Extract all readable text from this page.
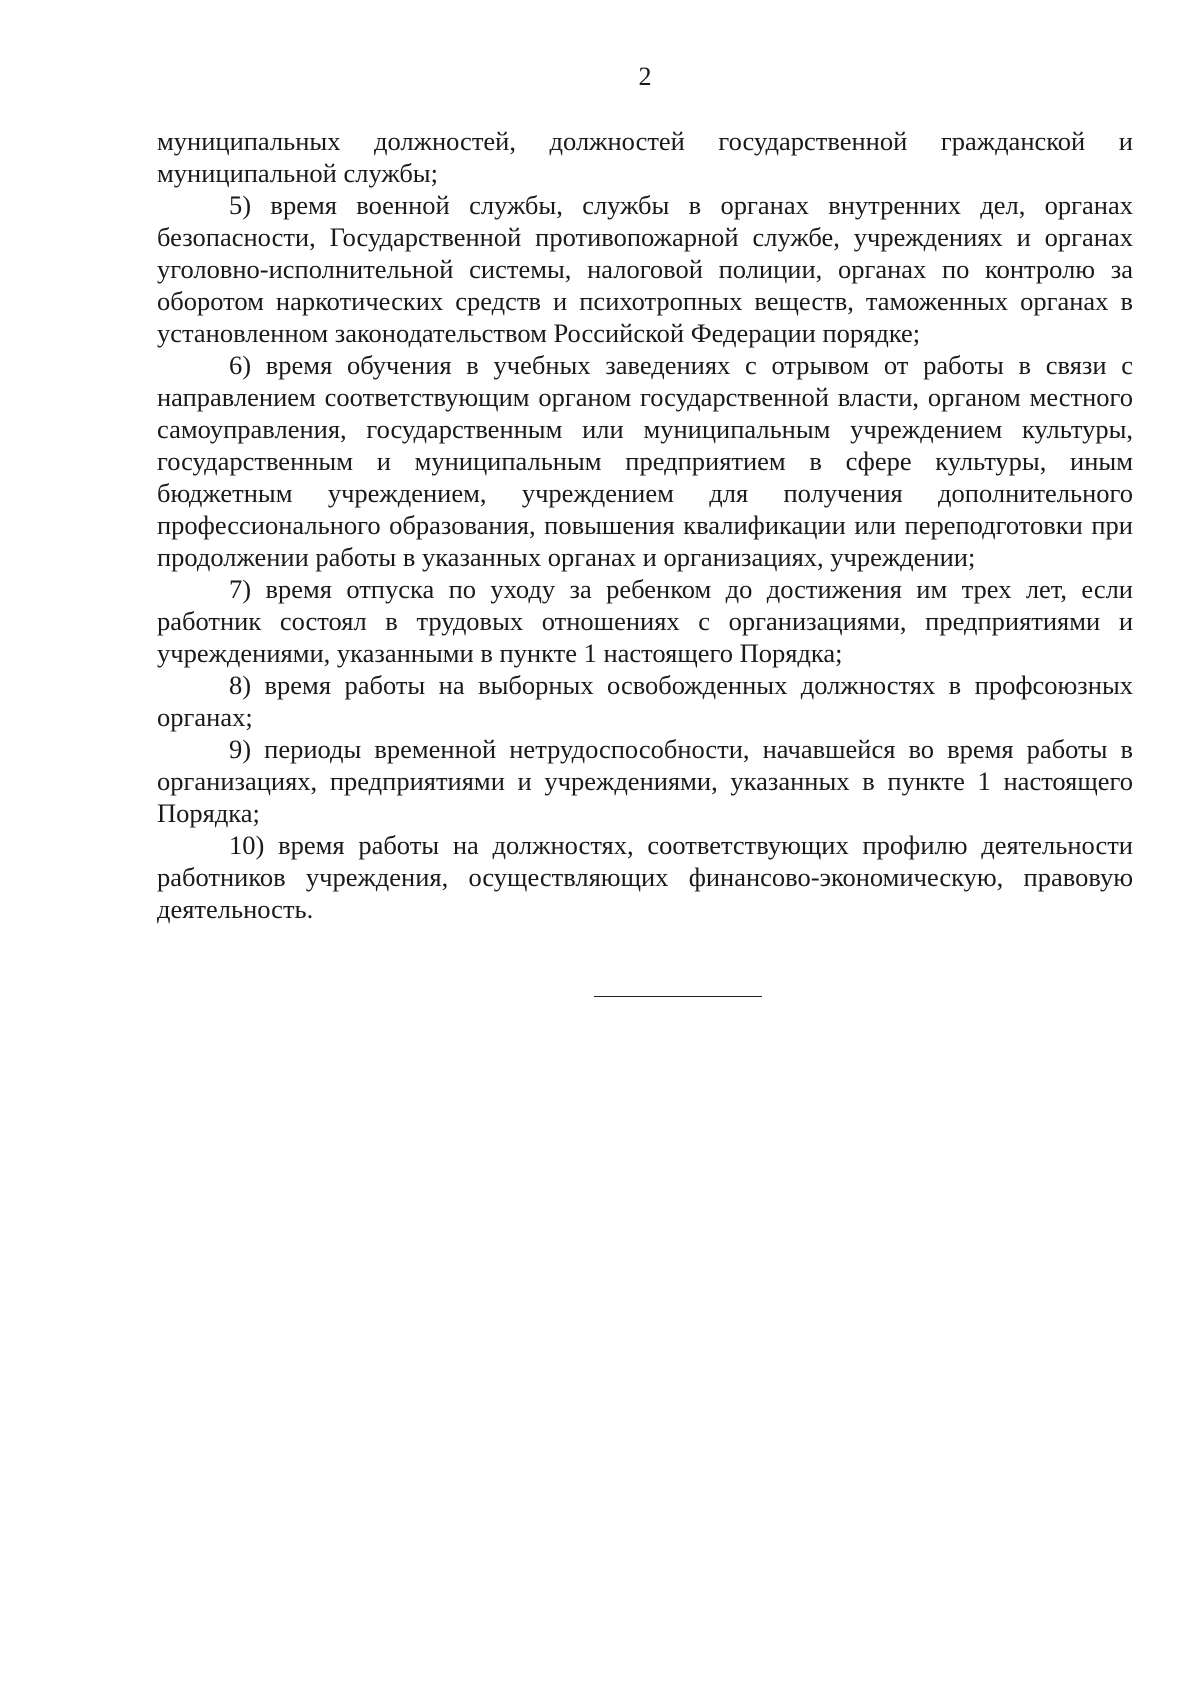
2

муниципальных должностей, должностей государственной гражданской и муниципальной службы;

5) время военной службы, службы в органах внутренних дел, органах безопасности, Государственной противопожарной службе, учреждениях и органах уголовно-исполнительной системы, налоговой полиции, органах по контролю за оборотом наркотических средств и психотропных веществ, таможенных органах в установленном законодательством Российской Федерации порядке;

6) время обучения в учебных заведениях с отрывом от работы в связи с направлением соответствующим органом государственной власти, органом местного самоуправления, государственным или муниципальным учреждением культуры, государственным и муниципальным предприятием в сфере культуры, иным бюджетным учреждением, учреждением для получения дополнительного профессионального образования, повышения квалификации или переподготовки при продолжении работы в указанных органах и организациях, учреждении;

7) время отпуска по уходу за ребенком до достижения им трех лет, если работник состоял в трудовых отношениях с организациями, предприятиями и учреждениями, указанными в пункте 1 настоящего Порядка;

8) время работы на выборных освобожденных должностях в профсоюзных органах;

9) периоды временной нетрудоспособности, начавшейся во время работы в организациях, предприятиями и учреждениями, указанных в пункте 1 настоящего Порядка;

10) время работы на должностях, соответствующих профилю деятельности работников учреждения, осуществляющих финансово-экономическую, правовую деятельность.
